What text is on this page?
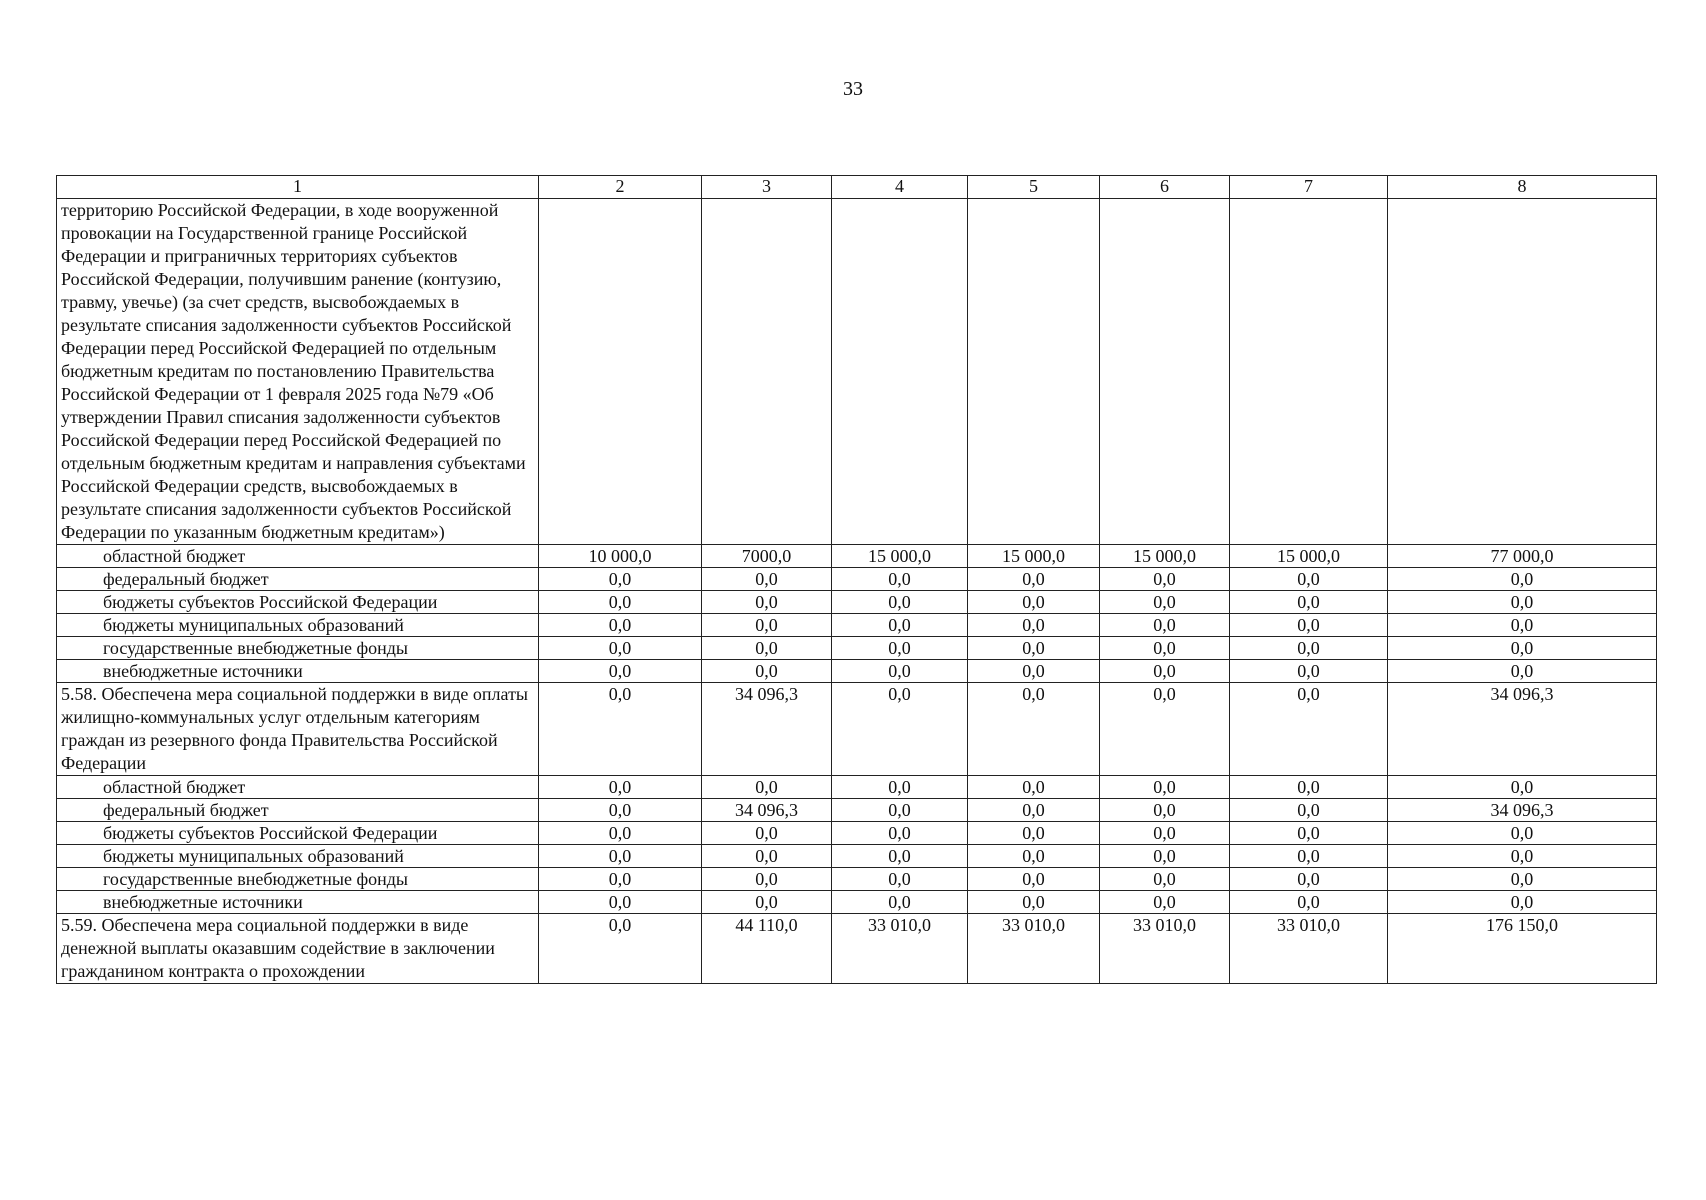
33
1	2	3	4	5	6	7	8
территорию Российской Федерации, в ходе вооруженной провокации на Государственной границе Российской Федерации и приграничных территориях субъектов Российской Федерации, получившим ранение (контузию, травму, увечье) (за счет средств, высвобождаемых в результате списания задолженности субъектов Российской Федерации перед Российской Федерацией по отдельным бюджетным кредитам по постановлению Правительства Российской Федерации от 1 февраля 2025 года №79 «Об утверждении Правил списания задолженности субъектов Российской Федерации перед Российской Федерацией по отдельным бюджетным кредитам и направления субъектами Российской Федерации средств, высвобождаемых в результате списания задолженности субъектов Российской Федерации по указанным бюджетным кредитам»)							
областной бюджет	10 000,0	7000,0	15 000,0	15 000,0	15 000,0	15 000,0	77 000,0
федеральный бюджет	0,0	0,0	0,0	0,0	0,0	0,0	0,0
бюджеты субъектов Российской Федерации	0,0	0,0	0,0	0,0	0,0	0,0	0,0
бюджеты муниципальных образований	0,0	0,0	0,0	0,0	0,0	0,0	0,0
государственные внебюджетные фонды	0,0	0,0	0,0	0,0	0,0	0,0	0,0
внебюджетные источники	0,0	0,0	0,0	0,0	0,0	0,0	0,0
5.58. Обеспечена мера социальной поддержки в виде оплаты жилищно-коммунальных услуг отдельным категориям граждан из резервного фонда Правительства Российской Федерации	0,0	34 096,3	0,0	0,0	0,0	0,0	34 096,3
областной бюджет	0,0	0,0	0,0	0,0	0,0	0,0	0,0
федеральный бюджет	0,0	34 096,3	0,0	0,0	0,0	0,0	34 096,3
бюджеты субъектов Российской Федерации	0,0	0,0	0,0	0,0	0,0	0,0	0,0
бюджеты муниципальных образований	0,0	0,0	0,0	0,0	0,0	0,0	0,0
государственные внебюджетные фонды	0,0	0,0	0,0	0,0	0,0	0,0	0,0
внебюджетные источники	0,0	0,0	0,0	0,0	0,0	0,0	0,0
5.59. Обеспечена мера социальной поддержки в виде денежной выплаты оказавшим содействие в заключении гражданином контракта о прохождении	0,0	44 110,0	33 010,0	33 010,0	33 010,0	33 010,0	176 150,0
